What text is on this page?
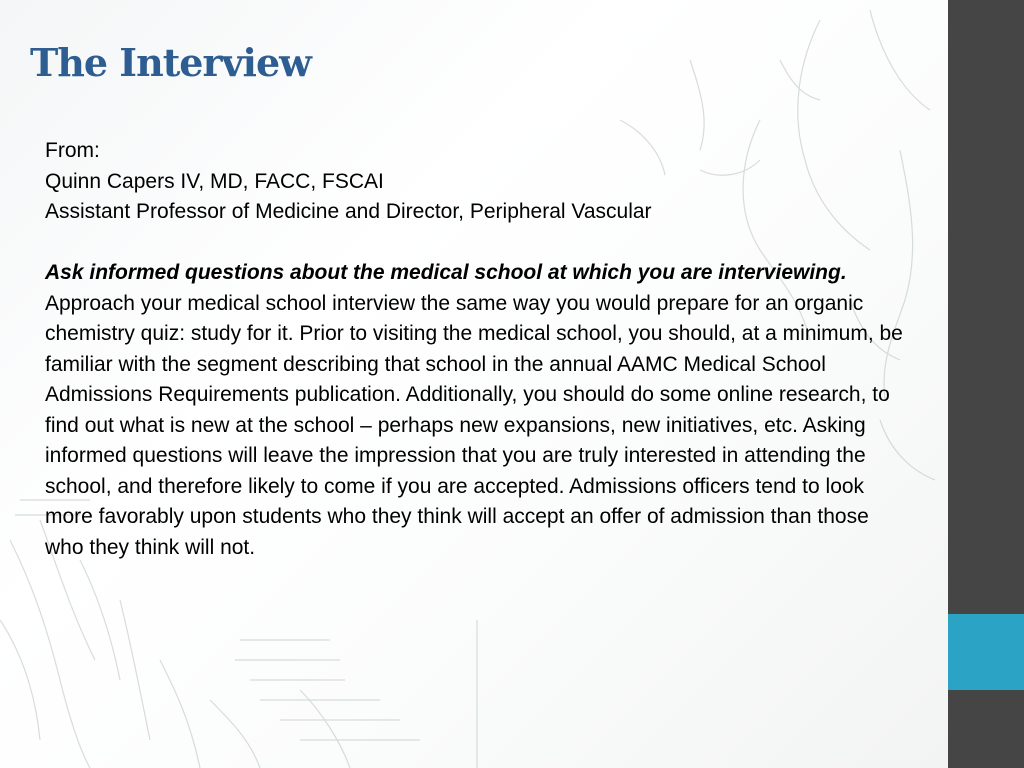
The Interview

From:

Quinn Capers IV, MD, FACC, FSCAI

Assistant Professor of Medicine and Director, Peripheral Vascular

Ask informed questions about the medical school at which you are interviewing.

Approach your medical school interview the same way you would prepare for an organic chemistry quiz: study for it. Prior to visiting the medical school, you should, at a minimum, be familiar with the segment describing that school in the annual AAMC Medical School Admissions Requirements publication. Additionally, you should do some online research, to find out what is new at the school – perhaps new expansions, new initiatives, etc. Asking informed questions will leave the impression that you are truly interested in attending the school, and therefore likely to come if you are accepted. Admissions officers tend to look more favorably upon students who they think will accept an offer of admission than those who they think will not.
